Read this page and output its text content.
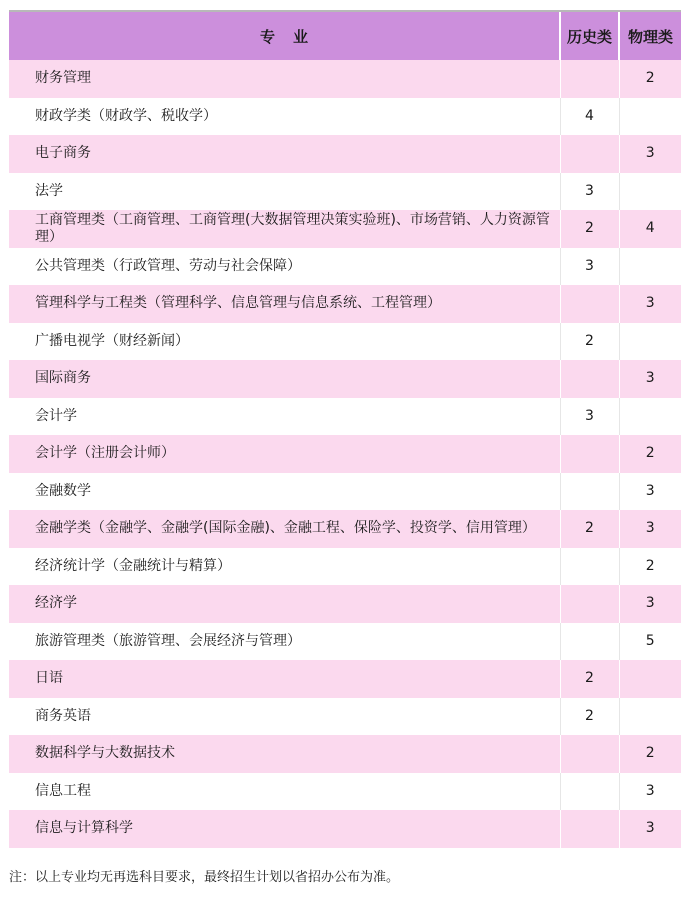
专业	历史类	物理类
财务管理		2
财政学类（财政学、税收学）	4	
电子商务		3
法学	3	
工商管理类（工商管理、工商管理(大数据管理决策实验班)、市场营销、人力资源管理）	2	4
公共管理类（行政管理、劳动与社会保障）	3	
管理科学与工程类（管理科学、信息管理与信息系统、工程管理）		3
广播电视学（财经新闻）	2	
国际商务		3
会计学	3	
会计学（注册会计师）		2
金融数学		3
金融学类（金融学、金融学(国际金融)、金融工程、保险学、投资学、信用管理）	2	3
经济统计学（金融统计与精算）		2
经济学		3
旅游管理类（旅游管理、会展经济与管理）		5
日语	2	
商务英语	2	
数据科学与大数据技术		2
信息工程		3
信息与计算科学		3
注：以上专业均无再选科目要求，最终招生计划以省招办公布为准。
